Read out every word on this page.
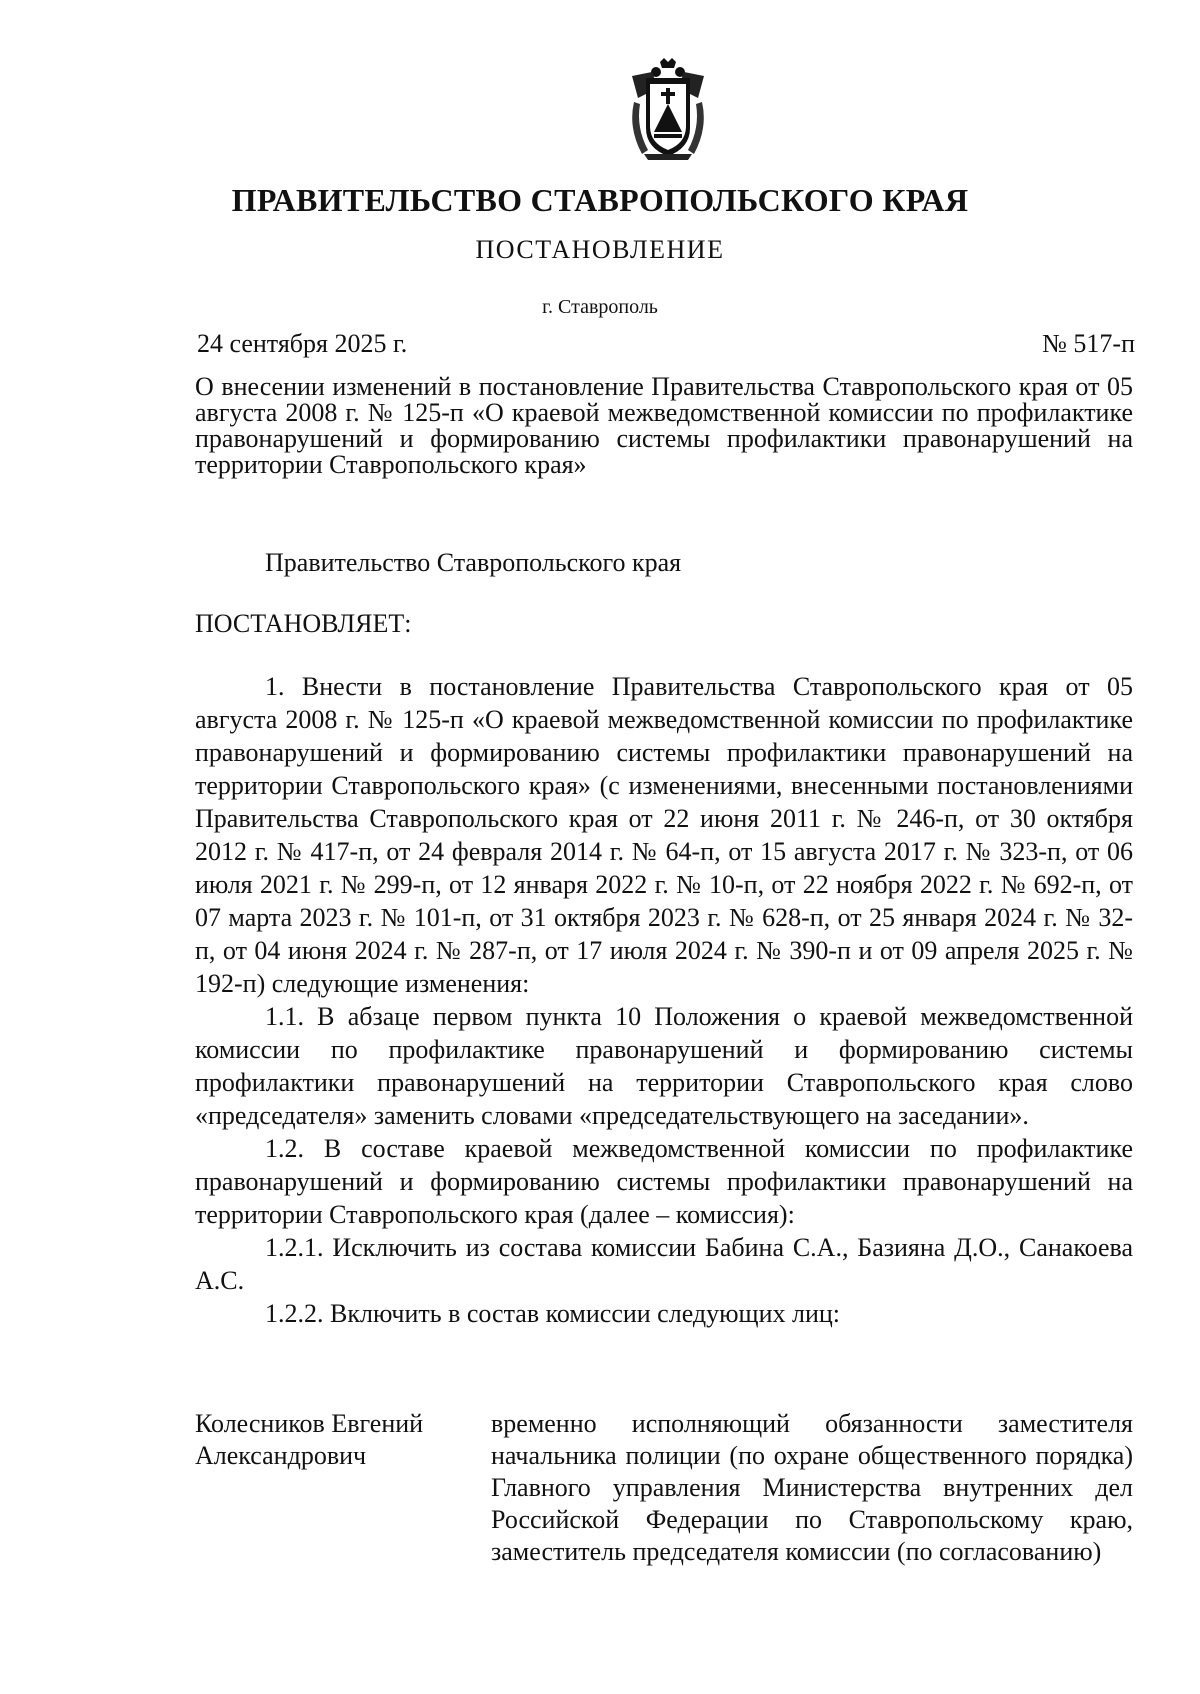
ПРАВИТЕЛЬСТВО СТАВРОПОЛЬСКОГО КРАЯ
ПОСТАНОВЛЕНИЕ
г. Ставрополь
24 сентября 2025 г.	№ 517-п

О внесении изменений в постановление Правительства Ставропольского края от 05 августа 2008 г. № 125-п «О краевой межведомственной комиссии по профилактике правонарушений и формированию системы профилактики правонарушений на территории Ставропольского края»

Правительство Ставропольского края

ПОСТАНОВЛЯЕТ:

1. Внести в постановление Правительства Ставропольского края от 05 августа 2008 г. № 125-п «О краевой межведомственной комиссии по профилактике правонарушений и формированию системы профилактики правонарушений на территории Ставропольского края» (с изменениями, внесенными постановлениями Правительства Ставропольского края от 22 июня 2011 г. № 246-п, от 30 октября 2012 г. № 417-п, от 24 февраля 2014 г. № 64-п, от 15 августа 2017 г. № 323-п, от 06 июля 2021 г. № 299-п, от 12 января 2022 г. № 10-п, от 22 ноября 2022 г. № 692-п, от 07 марта 2023 г. № 101-п, от 31 октября 2023 г. № 628-п, от 25 января 2024 г. № 32-п, от 04 июня 2024 г. № 287-п, от 17 июля 2024 г. № 390-п и от 09 апреля 2025 г. № 192-п) следующие изменения:

1.1. В абзаце первом пункта 10 Положения о краевой межведомственной комиссии по профилактике правонарушений и формированию системы профилактики правонарушений на территории Ставропольского края слово «председателя» заменить словами «председательствующего на заседании».

1.2. В составе краевой межведомственной комиссии по профилактике правонарушений и формированию системы профилактики правонарушений на территории Ставропольского края (далее – комиссия):

1.2.1. Исключить из состава комиссии Бабина С.А., Базияна Д.О., Санакоева А.С.

1.2.2. Включить в состав комиссии следующих лиц:

Колесников Евгений
Александрович
временно исполняющий обязанности заместителя начальника полиции (по охране общественного порядка) Главного управления Министерства внутренних дел Российской Федерации по Ставропольскому краю, заместитель председателя комиссии (по согласованию)
